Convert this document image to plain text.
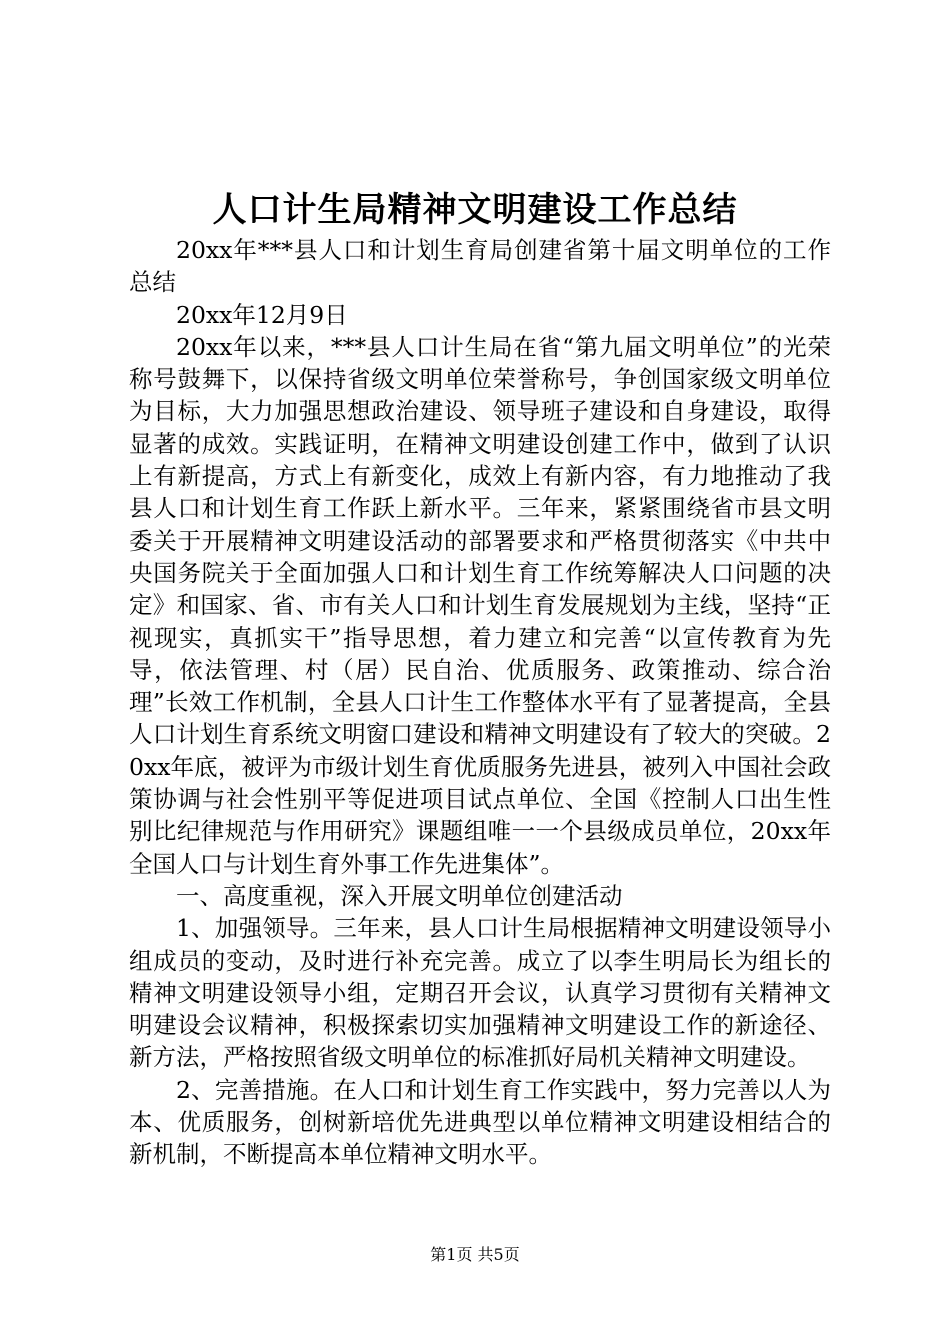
人口计生局精神文明建设工作总结

20xx年***县人口和计划生育局创建省第十届文明单位的工作总结

20xx年12月9日

20xx年以来，***县人口计生局在省“第九届文明单位”的光荣称号鼓舞下，以保持省级文明单位荣誉称号，争创国家级文明单位为目标，大力加强思想政治建设、领导班子建设和自身建设，取得显著的成效。实践证明，在精神文明建设创建工作中，做到了认识上有新提高，方式上有新变化，成效上有新内容，有力地推动了我县人口和计划生育工作跃上新水平。三年来，紧紧围绕省市县文明委关于开展精神文明建设活动的部署要求和严格贯彻落实《中共中央国务院关于全面加强人口和计划生育工作统筹解决人口问题的决定》和国家、省、市有关人口和计划生育发展规划为主线，坚持“正视现实，真抓实干”指导思想，着力建立和完善“以宣传教育为先导，依法管理、村（居）民自治、优质服务、政策推动、综合治理”长效工作机制，全县人口计生工作整体水平有了显著提高，全县人口计划生育系统文明窗口建设和精神文明建设有了较大的突破。20xx年底，被评为市级计划生育优质服务先进县，被列入中国社会政策协调与社会性别平等促进项目试点单位、全国《控制人口出生性别比纪律规范与作用研究》课题组唯一一个县级成员单位，20xx年全国人口与计划生育外事工作先进集体”。

一、高度重视，深入开展文明单位创建活动

1、加强领导。三年来，县人口计生局根据精神文明建设领导小组成员的变动，及时进行补充完善。成立了以李生明局长为组长的精神文明建设领导小组，定期召开会议，认真学习贯彻有关精神文明建设会议精神，积极探索切实加强精神文明建设工作的新途径、新方法，严格按照省级文明单位的标准抓好局机关精神文明建设。

2、完善措施。在人口和计划生育工作实践中，努力完善以人为本、优质服务，创树新培优先进典型以单位精神文明建设相结合的新机制，不断提高本单位精神文明水平。

第1页 共5页
